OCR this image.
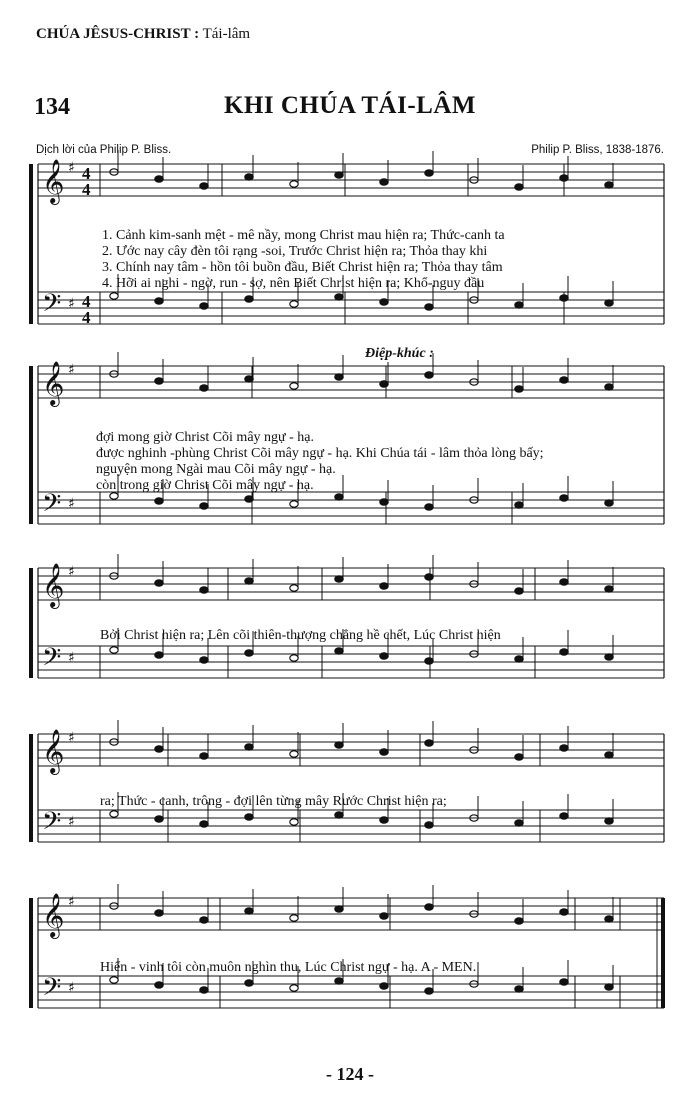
CHÚA JÊSUS-CHRIST : Tái-lâm
134	KHI CHÚA TÁI-LÂM
Dịch lời của Philip P. Bliss.	Philip P. Bliss, 1838-1876.
𝄞
𝄢
♯
♯
4
4
4
4
𝄞
𝄢
♯
♯
𝄞
𝄢
♯
♯
𝄞
𝄢
♯
♯
𝄞
𝄢
♯
♯
Điệp-khúc :
1. Cảnh kim-sanh mệt - mê nầy, mong Christ mau hiện ra; Thức-canh ta
2. Ước nay cây đèn tôi rạng -soi, Trước Christ hiện ra; Thỏa thay khi
3. Chính nay tâm - hồn tôi buồn đầu, Biết Christ hiện ra; Thỏa thay tâm
4. Hỡi ai nghi - ngờ, run - sợ, nên Biết Christ hiện ra; Khổ-nguy đầu
đợi mong giờ Christ Cõi mây ngự - hạ.
được nghinh -phùng Christ Cõi mây ngự - hạ. Khi Chúa tái - lâm thỏa lòng bấy;
nguyện mong Ngài mau Cõi mây ngự - hạ.
còn trong giờ Christ Cõi mây ngự - hạ.
Bởi Christ hiện ra; Lên cõi thiên-thượng chẳng hề chết, Lúc Christ hiện
ra; Thức - canh, trông - đợi lên từng mây Rước Christ hiện ra;
Hiển - vinh tôi còn muôn nghìn thu, Lúc Christ ngự - hạ. A - MEN.
- 124 -
